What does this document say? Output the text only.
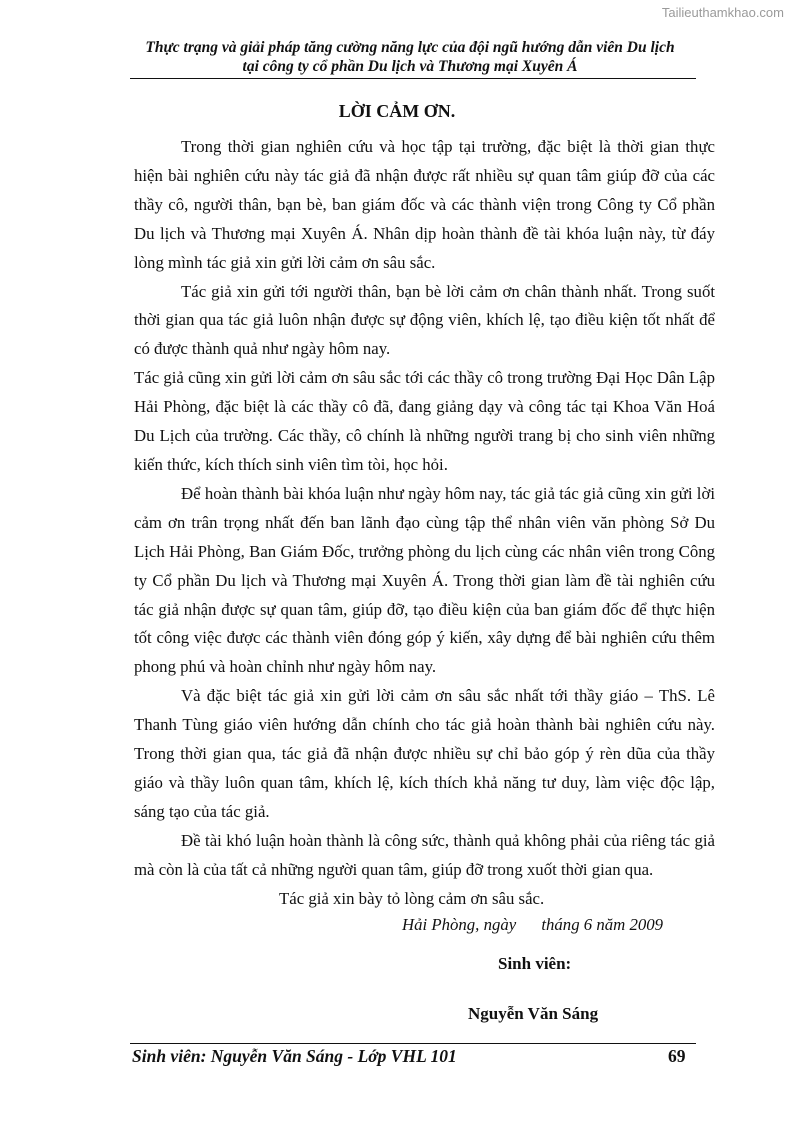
Tailieuthamkhao.com
Thực trạng và giải pháp tăng cường năng lực của đội ngũ hướng dẫn viên Du lịch
tại công ty cổ phần Du lịch và Thương mại Xuyên Á
LỜI CẢM ƠN.

Trong thời gian nghiên cứu và học tập tại trường, đặc biệt là thời gian thực hiện bài nghiên cứu này tác giả đã nhận được rất nhiều sự quan tâm giúp đỡ của các thầy cô, người thân, bạn bè, ban giám đốc và các thành viện trong Công ty Cổ phần Du lịch và Thương mại Xuyên Á. Nhân dịp hoàn thành đề tài khóa luận này, từ đáy lòng mình tác giả xin gửi lời cảm ơn sâu sắc.

Tác giả xin gửi tới người thân, bạn bè lời cảm ơn chân thành nhất. Trong suốt thời gian qua tác giả luôn nhận được sự động viên, khích lệ, tạo điều kiện tốt nhất để có được thành quả như ngày hôm nay.

Tác giả cũng xin gửi lời cảm ơn sâu sắc tới các thầy cô trong trường Đại Học Dân Lập Hải Phòng, đặc biệt là các thầy cô đã, đang giảng dạy và công tác tại Khoa Văn Hoá Du Lịch của trường. Các thầy, cô chính là những người trang bị cho sinh viên những kiến thức, kích thích sinh viên tìm tòi, học hỏi.

Để hoàn thành bài khóa luận như ngày hôm nay, tác giả tác giả cũng xin gửi lời cảm ơn trân trọng nhất đến ban lãnh đạo cùng tập thể nhân viên văn phòng Sở Du Lịch Hải Phòng, Ban Giám Đốc, trưởng phòng du lịch cùng các nhân viên trong Công ty Cổ phần Du lịch và Thương mại Xuyên Á. Trong thời gian làm đề tài nghiên cứu tác giả nhận được sự quan tâm, giúp đỡ, tạo điều kiện của ban giám đốc để thực hiện tốt công việc được các thành viên đóng góp ý kiến, xây dựng để bài nghiên cứu thêm phong phú và hoàn chỉnh như ngày hôm nay.

Và đặc biệt tác giả xin gửi lời cảm ơn sâu sắc nhất tới thầy giáo – ThS. Lê Thanh Tùng giáo viên hướng dẫn chính cho tác giả hoàn thành bài nghiên cứu này. Trong thời gian qua, tác giả đã nhận được nhiều sự chỉ bảo góp ý rèn dũa của thầy giáo và thầy luôn quan tâm, khích lệ, kích thích khả năng tư duy, làm việc độc lập, sáng tạo của tác giả.

Đề tài khó luận hoàn thành là công sức, thành quả không phải của riêng tác giả mà còn là của tất cả những người quan tâm, giúp đỡ trong xuốt thời gian qua.

Tác giả xin bày tỏ lòng cảm ơn sâu sắc.

Hải Phòng, ngày      tháng 6 năm 2009
Sinh viên:
Nguyễn Văn Sáng
Sinh viên: Nguyễn Văn Sáng - Lớp VHL 101	69
